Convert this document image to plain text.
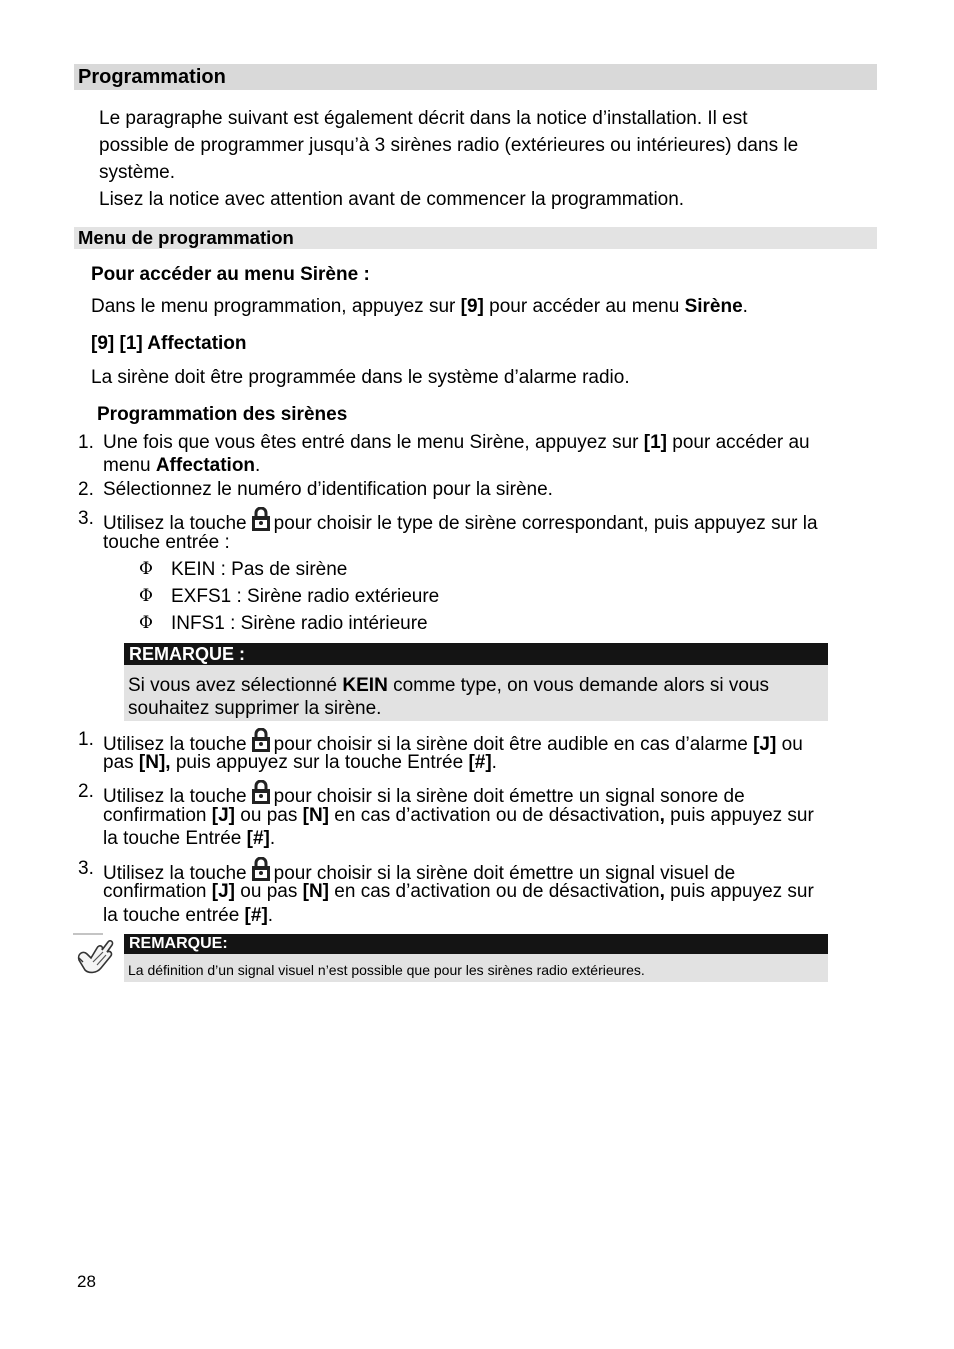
Programmation
Le paragraphe suivant est également décrit dans la notice d’installation. Il est
possible de programmer jusqu’à 3 sirènes radio (extérieures ou intérieures) dans le
système.
Lisez la notice avec attention avant de commencer la programmation.
Menu de programmation
Pour accéder au menu Sirène :
Dans le menu programmation, appuyez sur [9] pour accéder au menu Sirène.
[9] [1] Affectation
La sirène doit être programmée dans le système d’alarme radio.
Programmation des sirènes
1. Une fois que vous êtes entré dans le menu Sirène, appuyez sur [1] pour accéder au
menu Affectation.
2. Sélectionnez le numéro d’identification pour la sirène.
3. Utilisez la touche pour choisir le type de sirène correspondant, puis appuyez sur la
touche entrée :
Φ KEIN : Pas de sirène
Φ EXFS1 : Sirène radio extérieure
Φ INFS1 : Sirène radio intérieure
REMARQUE :
Si vous avez sélectionné KEIN comme type, on vous demande alors si vous
souhaitez supprimer la sirène.
1. Utilisez la touche pour choisir si la sirène doit être audible en cas d’alarme [J] ou
pas [N], puis appuyez sur la touche Entrée [#].
2. Utilisez la touche pour choisir si la sirène doit émettre un signal sonore de
confirmation [J] ou pas [N] en cas d’activation ou de désactivation, puis appuyez sur
la touche Entrée [#].
3. Utilisez la touche pour choisir si la sirène doit émettre un signal visuel de
confirmation [J] ou pas [N] en cas d’activation ou de désactivation, puis appuyez sur
la touche entrée [#].
REMARQUE:
La définition d’un signal visuel n’est possible que pour les sirènes radio extérieures.
28
